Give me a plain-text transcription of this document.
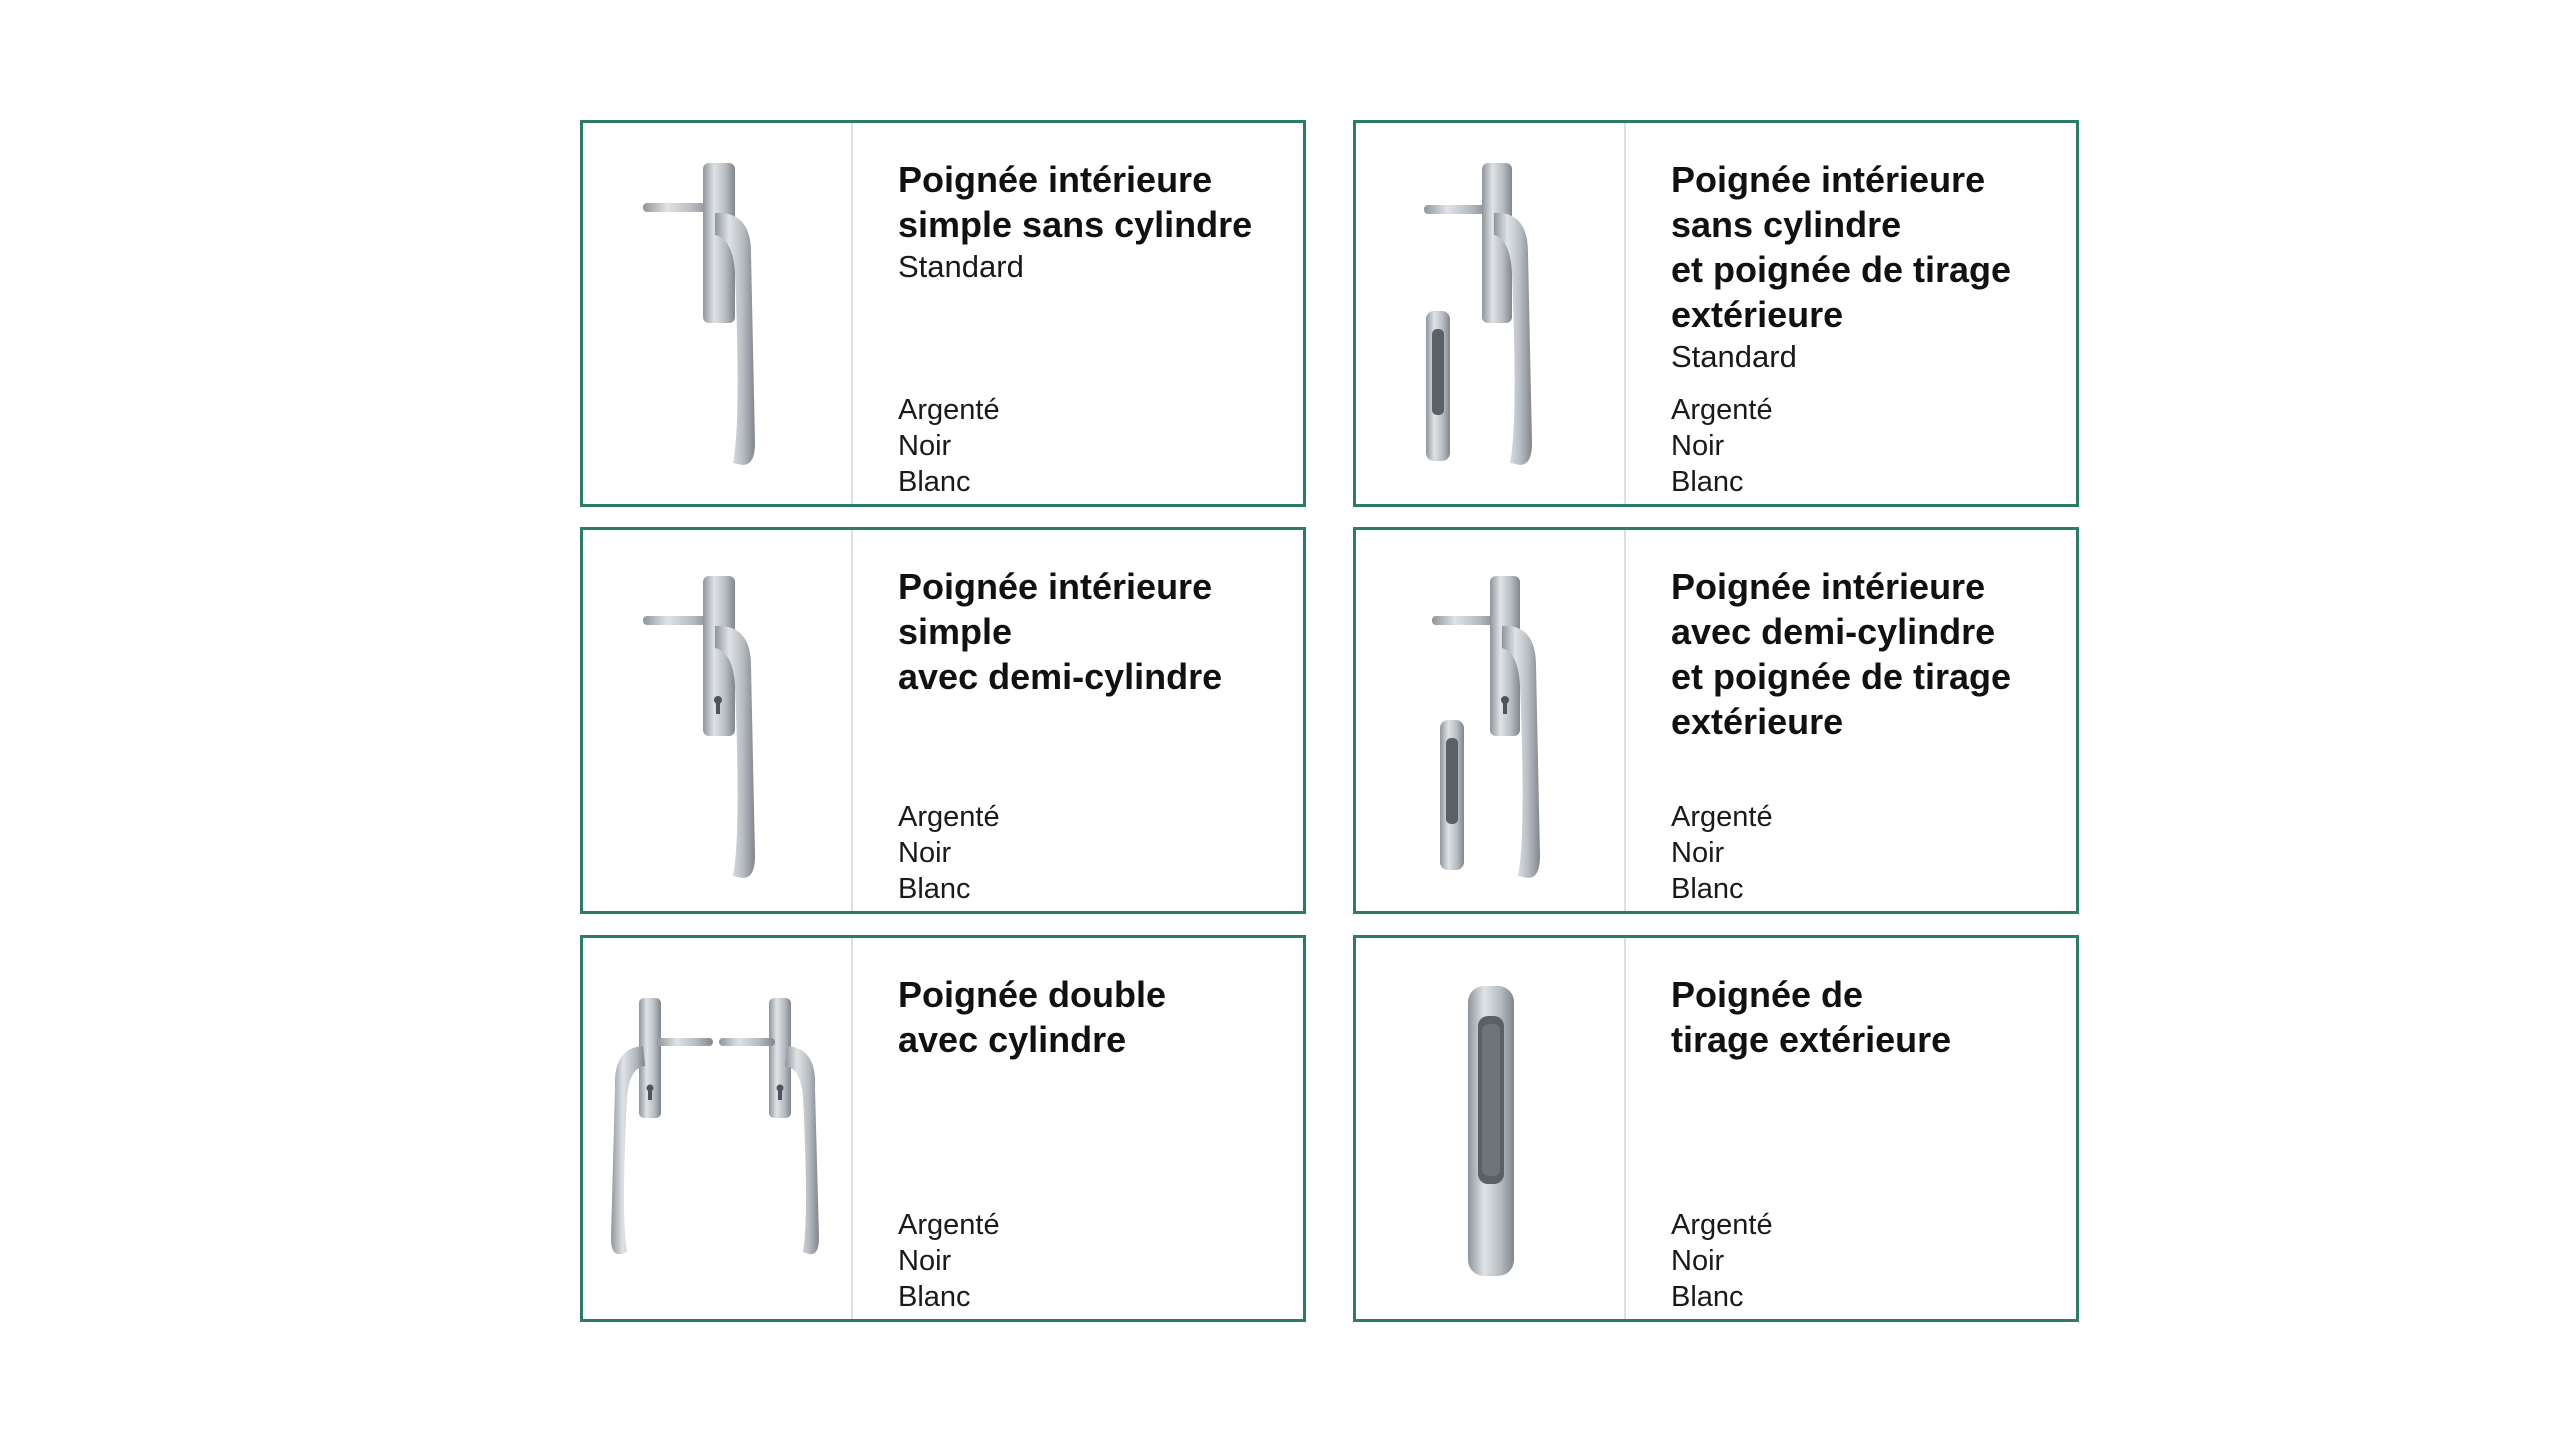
Poignée intérieure
simple sans cylindre

Standard

Argenté
Noir
Blanc

Poignée intérieure
sans cylindre
et poignée de tirage
extérieure

Standard

Argenté
Noir
Blanc

Poignée intérieure
simple
avec demi-cylindre

Argenté
Noir
Blanc

Poignée intérieure
avec demi-cylindre
et poignée de tirage
extérieure

Argenté
Noir
Blanc

Poignée double
avec cylindre

Argenté
Noir
Blanc

Poignée de
tirage extérieure

Argenté
Noir
Blanc
